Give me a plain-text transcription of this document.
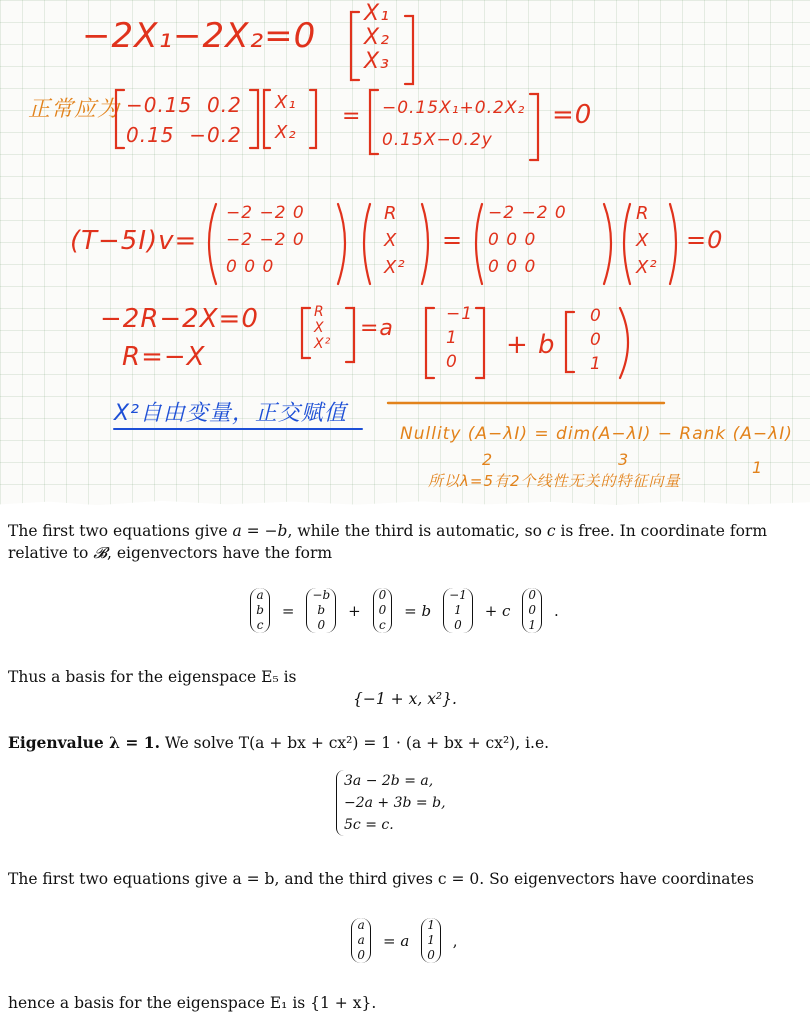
−2X₁−2X₂=0
X₁
X₂
X₃
正常应为 −0.15 0.2
0.15 −0.2
X₁
X₂
= −0.15X₁+0.2X₂
0.15X−0.2y
=0
(T−5I)v=
−2 −2 0
−2 −2 0
0 0 0
R
X
X²
=
−2 −2 0
0 0 0
0 0 0
R
X
X²
=0
−2R−2X=0
R=−X
R
X
X²
=a
−1
1
0
+ b
0
0
1
X²自由变量，正交赋值
Nullity (A−λI) = dim(A−λI) − Rank (A−λI)
2	3	1
所以λ=5有2个线性无关的特征向量

The first two equations give a = −b, while the third is automatic, so c is free. In coordinate form relative to 𝓑, eigenvectors have the form

a
b
c
=
−b
b
0
+
0
0
c
= b
−1
1
0
+ c
0
0
1
.

Thus a basis for the eigenspace E₅ is

{−1 + x, x²}.

Eigenvalue λ = 1. We solve T(a + bx + cx²) = 1 · (a + bx + cx²), i.e.

3a − 2b = a,
−2a + 3b = b,
5c = c.

The first two equations give a = b, and the third gives c = 0. So eigenvectors have coordinates

a
a
0
= a
1
1
0
,

hence a basis for the eigenspace E₁ is {1 + x}.
